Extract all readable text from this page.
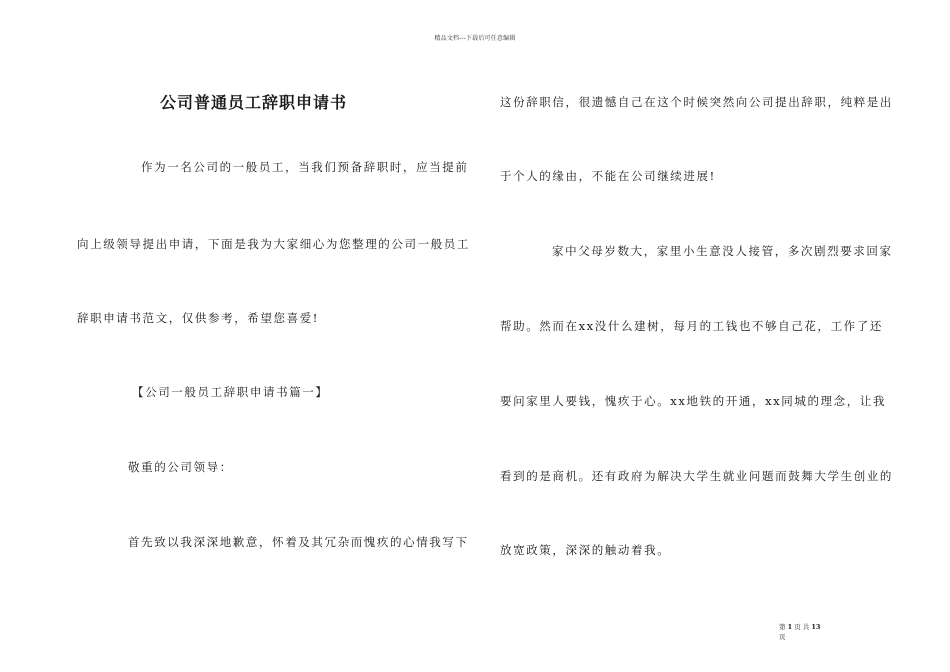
精品文档---下载后可任意编辑
公司普通员工辞职申请书
作为一名公司的一般员工，当我们预备辞职时，应当提前
向上级领导提出申请，下面是我为大家细心为您整理的公司一般员工
辞职申请书范文，仅供参考，希望您喜爱!
【公司一般员工辞职申请书篇一】
敬重的公司领导：
首先致以我深深地歉意，怀着及其冗杂而愧疚的心情我写下
这份辞职信，很遗憾自己在这个时候突然向公司提出辞职，纯粹是出
于个人的缘由，不能在公司继续进展!
家中父母岁数大，家里小生意没人接管，多次剧烈要求回家
帮助。然而在xx没什么建树，每月的工钱也不够自己花，工作了还
要问家里人要钱，愧疚于心。xx地铁的开通，xx同城的理念，让我
看到的是商机。还有政府为解决大学生就业问题而鼓舞大学生创业的
放宽政策，深深的触动着我。
第 1 页 共 13
页
